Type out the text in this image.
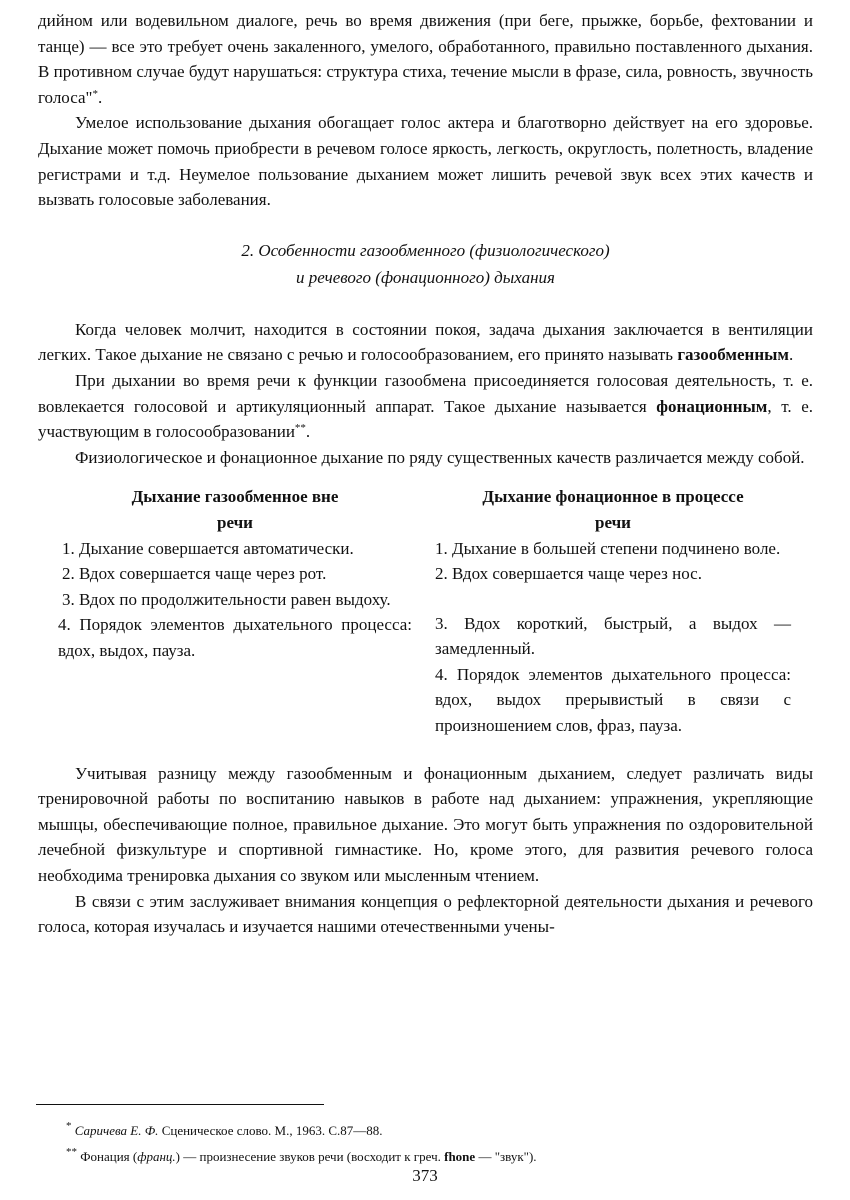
дийном или водевильном диалоге, речь во время движения (при беге, прыжке, борьбе, фехтовании и танце) — все это требует очень закаленного, умелого, обработанного, правильно поставленного дыхания. В противном случае будут нарушаться: структура стиха, течение мысли в фразе, сила, ровность, звучность голоса"*.

Умелое использование дыхания обогащает голос актера и благотворно действует на его здоровье. Дыхание может помочь приобрести в речевом голосе яркость, легкость, округлость, полетность, владение регистрами и т.д. Неумелое пользование дыханием может лишить речевой звук всех этих качеств и вызвать голосовые заболевания.

2. Особенности газообменного (физиологического)
и речевого (фонационного) дыхания

Когда человек молчит, находится в состоянии покоя, задача дыхания заключается в вентиляции легких. Такое дыхание не связано с речью и голосообразованием, его принято называть газообменным.

При дыхании во время речи к функции газообмена присоединяется голосовая деятельность, т. е. вовлекается голосовой и артикуляционный аппарат. Такое дыхание называется фонационным, т. е. участвующим в голосообразовании**.

Физиологическое и фонационное дыхание по ряду существенных качеств различается между собой.

Дыхание газообменное вне
речи
1. Дыхание совершается автоматически.
2. Вдох совершается чаще через рот.
3. Вдох по продолжительности равен выдоху.
4. Порядок элементов дыхательного процесса: вдох, выдох, пауза.
Дыхание фонационное в процессе
речи
1. Дыхание в большей степени подчинено воле.
2. Вдох совершается чаще через нос.
3. Вдох короткий, быстрый, а выдох — замедленный.
4. Порядок элементов дыхательного процесса: вдох, выдох прерывистый в связи с произношением слов, фраз, пауза.

Учитывая разницу между газообменным и фонационным дыханием, следует различать виды тренировочной работы по воспитанию навыков в работе над дыханием: упражнения, укрепляющие мышцы, обеспечивающие полное, правильное дыхание. Это могут быть упражнения по оздоровительной лечебной физкультуре и спортивной гимнастике. Но, кроме этого, для развития речевого голоса необходима тренировка дыхания со звуком или мысленным чтением.

В связи с этим заслуживает внимания концепция о рефлекторной деятельности дыхания и речевого голоса, которая изучалась и изучается нашими отечественными учены-

* Саричева Е. Ф. Сценическое слово. М., 1963. С.87—88.
** Фонация (франц.) — произнесение звуков речи (восходит к греч. fhone — "звук").
373
